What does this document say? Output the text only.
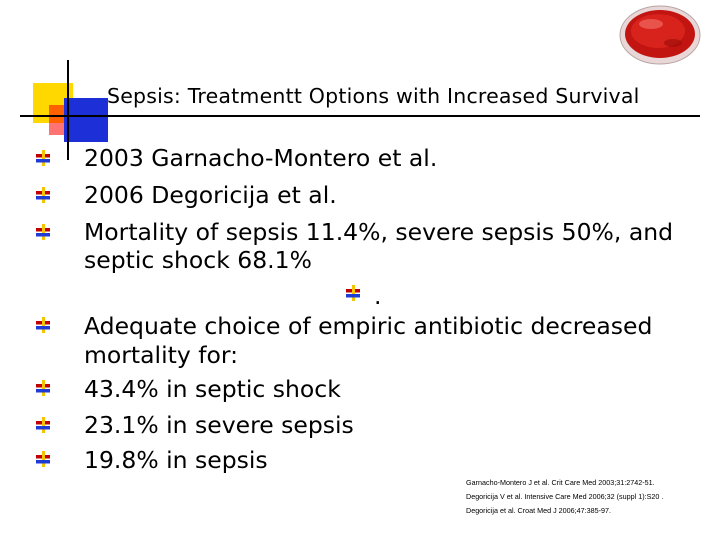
Sepsis: Treatmentt Options with Increased Survival
2003 Garnacho-Montero et al.
2006 Degoricija et al.
Mortality of sepsis 11.4%, severe sepsis 50%, and
septic shock 68.1%
.
Adequate choice of empiric antibiotic decreased
mortality for:
43.4% in septic shock
23.1% in severe sepsis
19.8% in sepsis
Garnacho-Montero J et al. Crit Care Med 2003;31:2742-51.
Degoricija V et al. Intensive Care Med 2006;32 (suppl 1):S20 .
Degoricija et al. Croat Med J 2006;47:385-97.
